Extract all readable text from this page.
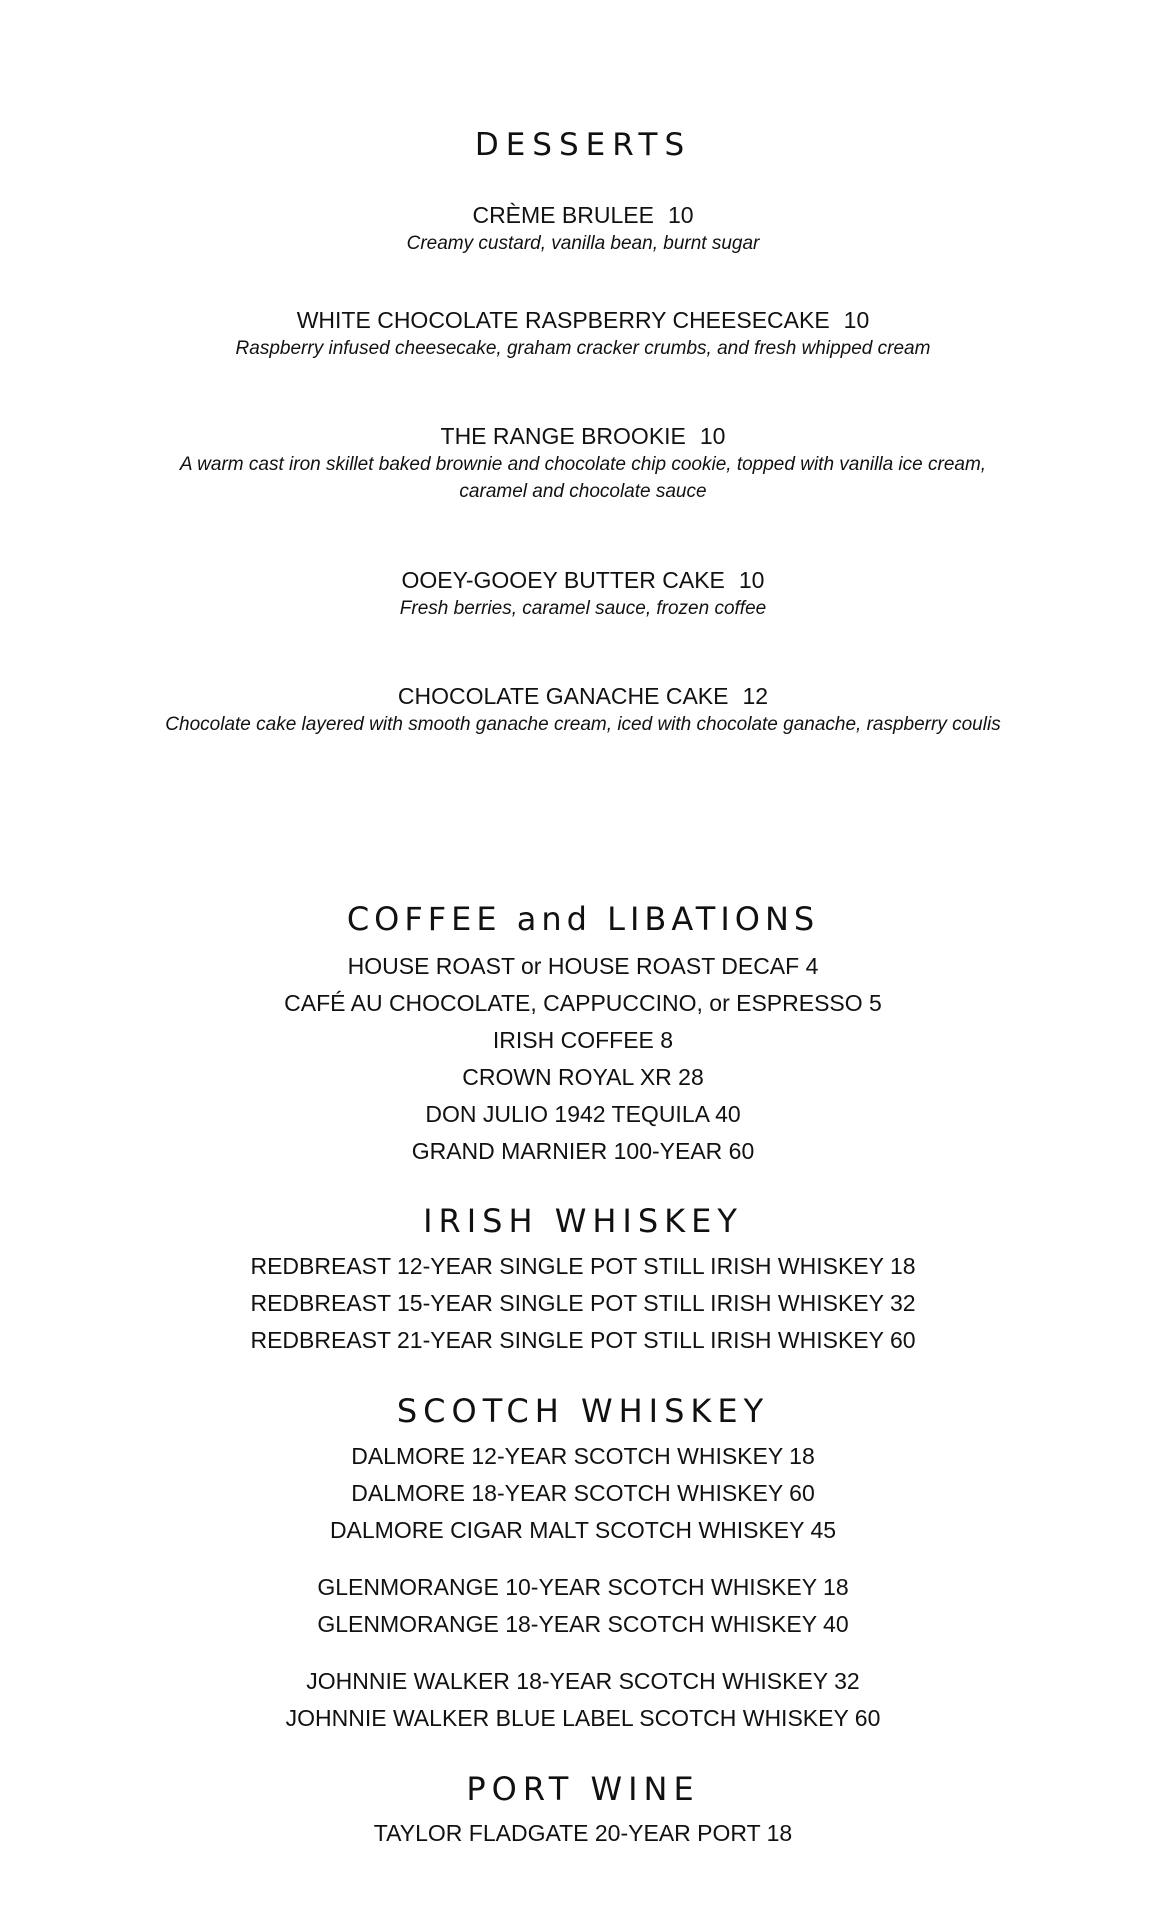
DESSERTS
CRÈME BRULEE 10
Creamy custard, vanilla bean, burnt sugar
WHITE CHOCOLATE RASPBERRY CHEESECAKE 10
Raspberry infused cheesecake, graham cracker crumbs, and fresh whipped cream
THE RANGE BROOKIE 10
A warm cast iron skillet baked brownie and chocolate chip cookie, topped with vanilla ice cream,
caramel and chocolate sauce
OOEY-GOOEY BUTTER CAKE 10
Fresh berries, caramel sauce, frozen coffee
CHOCOLATE GANACHE CAKE 12
Chocolate cake layered with smooth ganache cream, iced with chocolate ganache, raspberry coulis
COFFEE and LIBATIONS
HOUSE ROAST or HOUSE ROAST DECAF 4
CAFÉ AU CHOCOLATE, CAPPUCCINO, or ESPRESSO 5
IRISH COFFEE 8
CROWN ROYAL XR 28
DON JULIO 1942 TEQUILA 40
GRAND MARNIER 100-YEAR 60
IRISH WHISKEY
REDBREAST 12-YEAR SINGLE POT STILL IRISH WHISKEY 18
REDBREAST 15-YEAR SINGLE POT STILL IRISH WHISKEY 32
REDBREAST 21-YEAR SINGLE POT STILL IRISH WHISKEY 60
SCOTCH WHISKEY
DALMORE 12-YEAR SCOTCH WHISKEY 18
DALMORE 18-YEAR SCOTCH WHISKEY 60
DALMORE CIGAR MALT SCOTCH WHISKEY 45
GLENMORANGE 10-YEAR SCOTCH WHISKEY 18
GLENMORANGE 18-YEAR SCOTCH WHISKEY 40
JOHNNIE WALKER 18-YEAR SCOTCH WHISKEY 32
JOHNNIE WALKER BLUE LABEL SCOTCH WHISKEY 60
PORT WINE
TAYLOR FLADGATE 20-YEAR PORT 18
